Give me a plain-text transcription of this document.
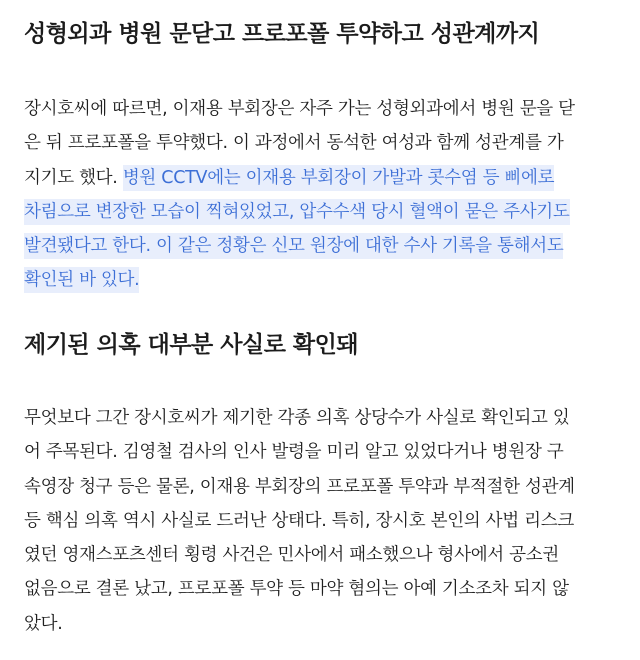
성형외과 병원 문닫고 프로포폴 투약하고 성관계까지
장시호씨에 따르면, 이재용 부회장은 자주 가는 성형외과에서 병원 문을 닫
은 뒤 프로포폴을 투약했다. 이 과정에서 동석한 여성과 함께 성관계를 가
지기도 했다. 병원 CCTV에는 이재용 부회장이 가발과 콧수염 등 삐에로
차림으로 변장한 모습이 찍혀있었고, 압수수색 당시 혈액이 묻은 주사기도
발견됐다고 한다. 이 같은 정황은 신모 원장에 대한 수사 기록을 통해서도
확인된 바 있다.
제기된 의혹 대부분 사실로 확인돼
무엇보다 그간 장시호씨가 제기한 각종 의혹 상당수가 사실로 확인되고 있
어 주목된다. 김영철 검사의 인사 발령을 미리 알고 있었다거나 병원장 구
속영장 청구 등은 물론, 이재용 부회장의 프로포폴 투약과 부적절한 성관계
등 핵심 의혹 역시 사실로 드러난 상태다. 특히, 장시호 본인의 사법 리스크
였던 영재스포츠센터 횡령 사건은 민사에서 패소했으나 형사에서 공소권
없음으로 결론 났고, 프로포폴 투약 등 마약 혐의는 아예 기소조차 되지 않
았다.
